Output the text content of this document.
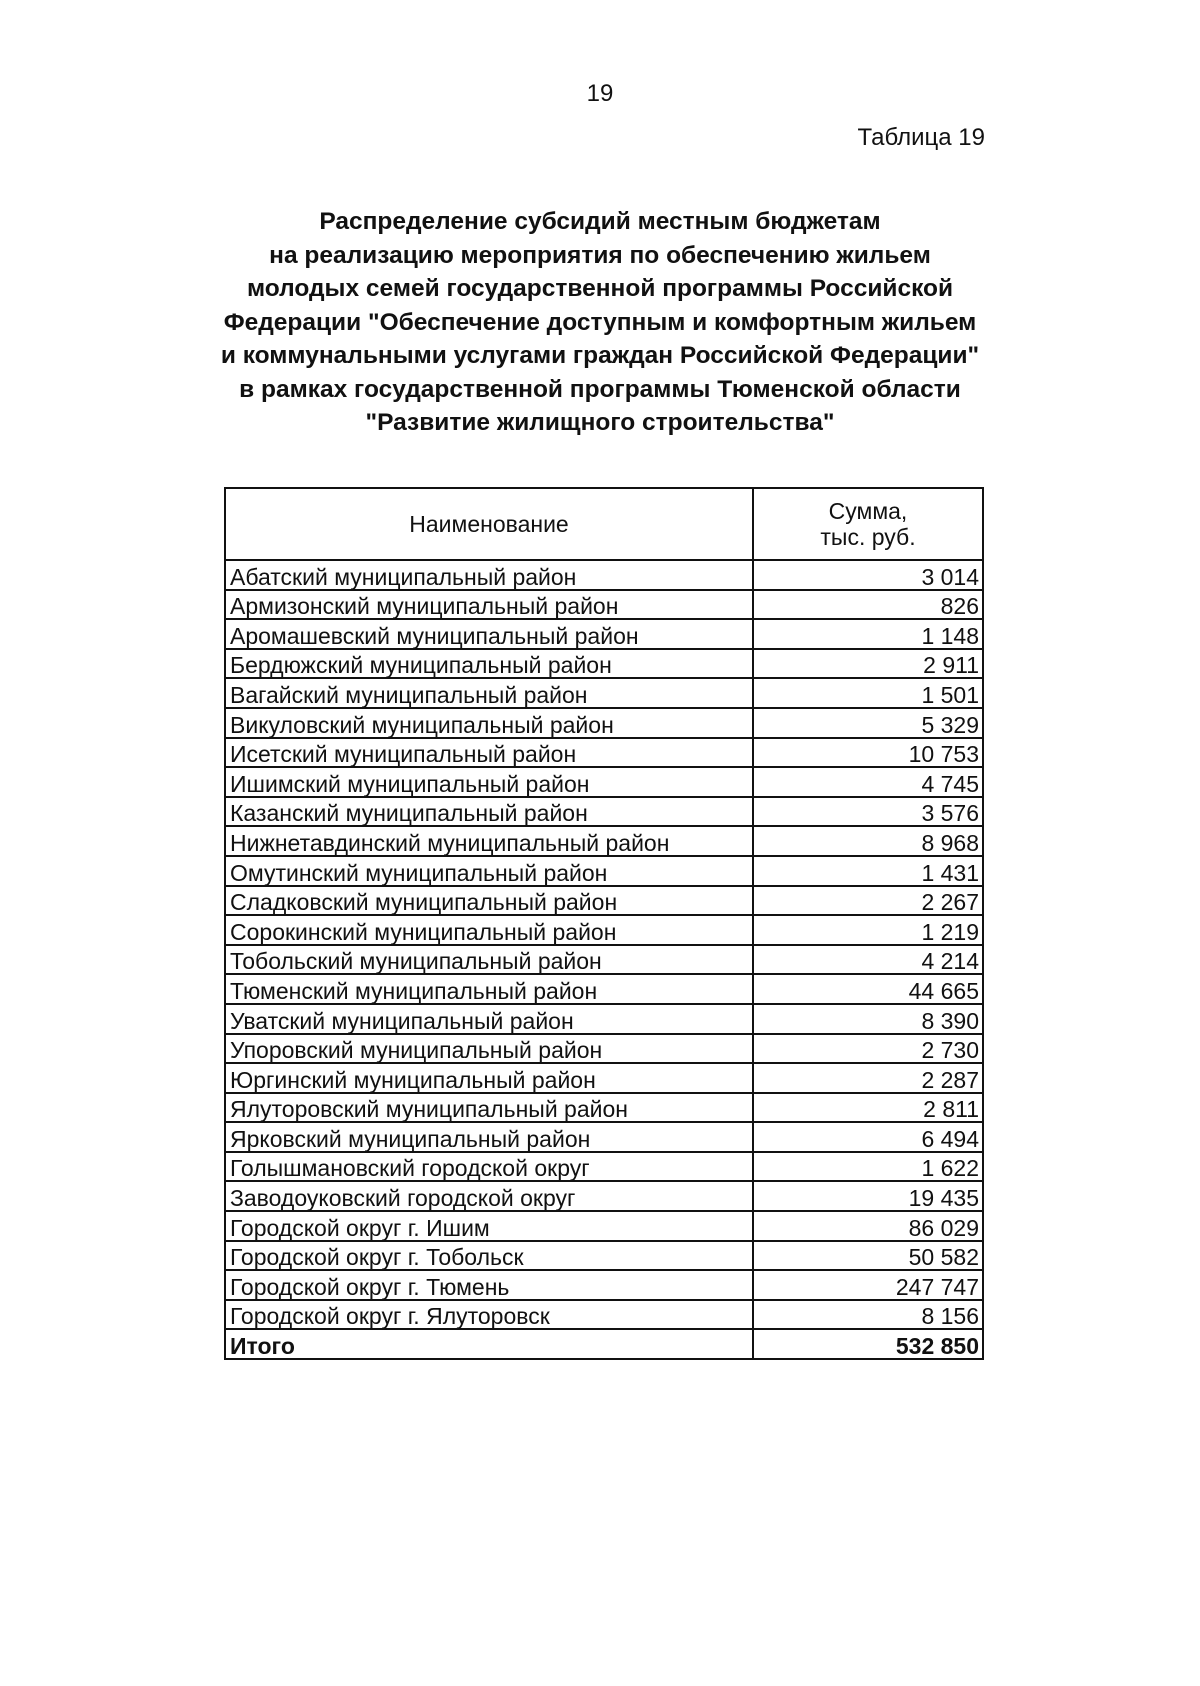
19
Таблица 19
Распределение субсидий местным бюджетам
на реализацию мероприятия по обеспечению жильем
молодых семей государственной программы Российской
Федерации "Обеспечение доступным и комфортным жильем
и коммунальными услугами граждан Российской Федерации"
в рамках государственной программы Тюменской области
"Развитие жилищного строительства"
Наименование	Сумма,
тыс. руб.

Абатский муниципальный район	3 014
Армизонский муниципальный район	826
Аромашевский муниципальный район	1 148
Бердюжский муниципальный район	2 911
Вагайский муниципальный район	1 501
Викуловский муниципальный район	5 329
Исетский муниципальный район	10 753
Ишимский муниципальный район	4 745
Казанский муниципальный район	3 576
Нижнетавдинский муниципальный район	8 968
Омутинский муниципальный район	1 431
Сладковский муниципальный район	2 267
Сорокинский муниципальный район	1 219
Тобольский муниципальный район	4 214
Тюменский муниципальный район	44 665
Уватский муниципальный район	8 390
Упоровский муниципальный район	2 730
Юргинский муниципальный район	2 287
Ялуторовский муниципальный район	2 811
Ярковский муниципальный район	6 494
Голышмановский городской округ	1 622
Заводоуковский городской округ	19 435
Городской округ г. Ишим	86 029
Городской округ г. Тобольск	50 582
Городской округ г. Тюмень	247 747
Городской округ г. Ялуторовск	8 156
Итого	532 850
